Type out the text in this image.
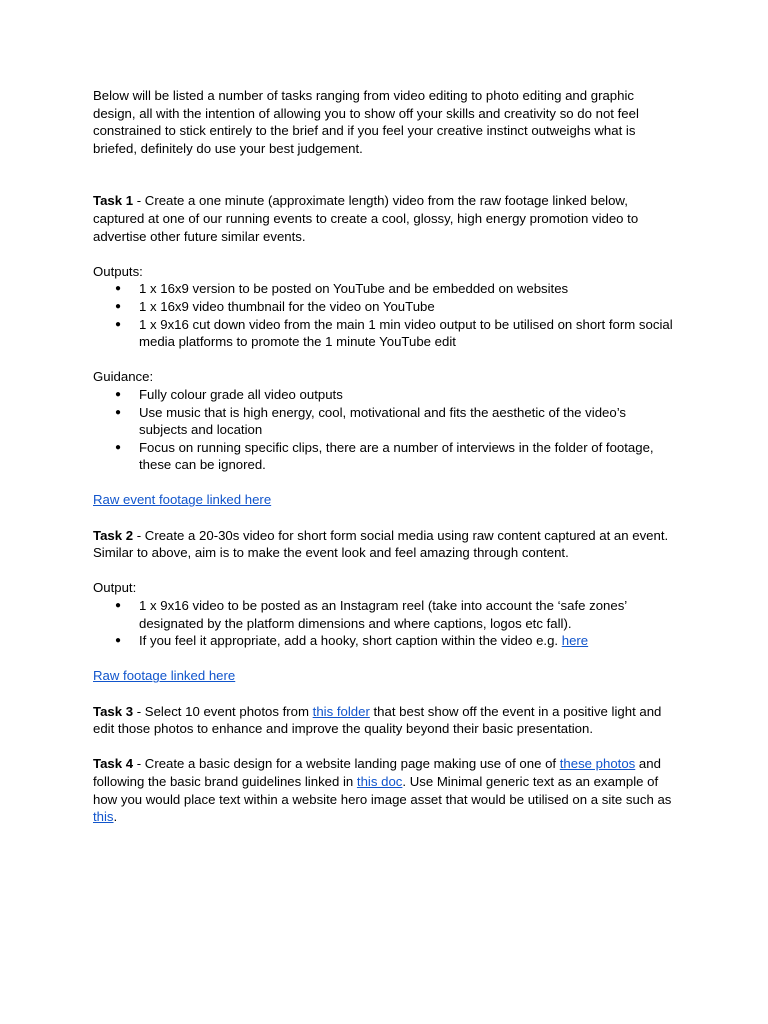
Below will be listed a number of tasks ranging from video editing to photo editing and graphic design, all with the intention of allowing you to show off your skills and creativity so do not feel constrained to stick entirely to the brief and if you feel your creative instinct outweighs what is briefed, definitely do use your best judgement.

Task 1 - Create a one minute (approximate length) video from the raw footage linked below, captured at one of our running events to create a cool, glossy, high energy promotion video to advertise other future similar events.

Outputs:

● 1 x 16x9 version to be posted on YouTube and be embedded on websites
● 1 x 16x9 video thumbnail for the video on YouTube
● 1 x 9x16 cut down video from the main 1 min video output to be utilised on short form social media platforms to promote the 1 minute YouTube edit

Guidance:

● Fully colour grade all video outputs
● Use music that is high energy, cool, motivational and fits the aesthetic of the video’s subjects and location
● Focus on running specific clips, there are a number of interviews in the folder of footage, these can be ignored.

Raw event footage linked here

Task 2 - Create a 20-30s video for short form social media using raw content captured at an event. Similar to above, aim is to make the event look and feel amazing through content.

Output:

● 1 x 9x16 video to be posted as an Instagram reel (take into account the ‘safe zones’ designated by the platform dimensions and where captions, logos etc fall).
● If you feel it appropriate, add a hooky, short caption within the video e.g. here

Raw footage linked here

Task 3 - Select 10 event photos from this folder that best show off the event in a positive light and edit those photos to enhance and improve the quality beyond their basic presentation.

Task 4 - Create a basic design for a website landing page making use of one of these photos and following the basic brand guidelines linked in this doc. Use Minimal generic text as an example of how you would place text within a website hero image asset that would be utilised on a site such as this.
